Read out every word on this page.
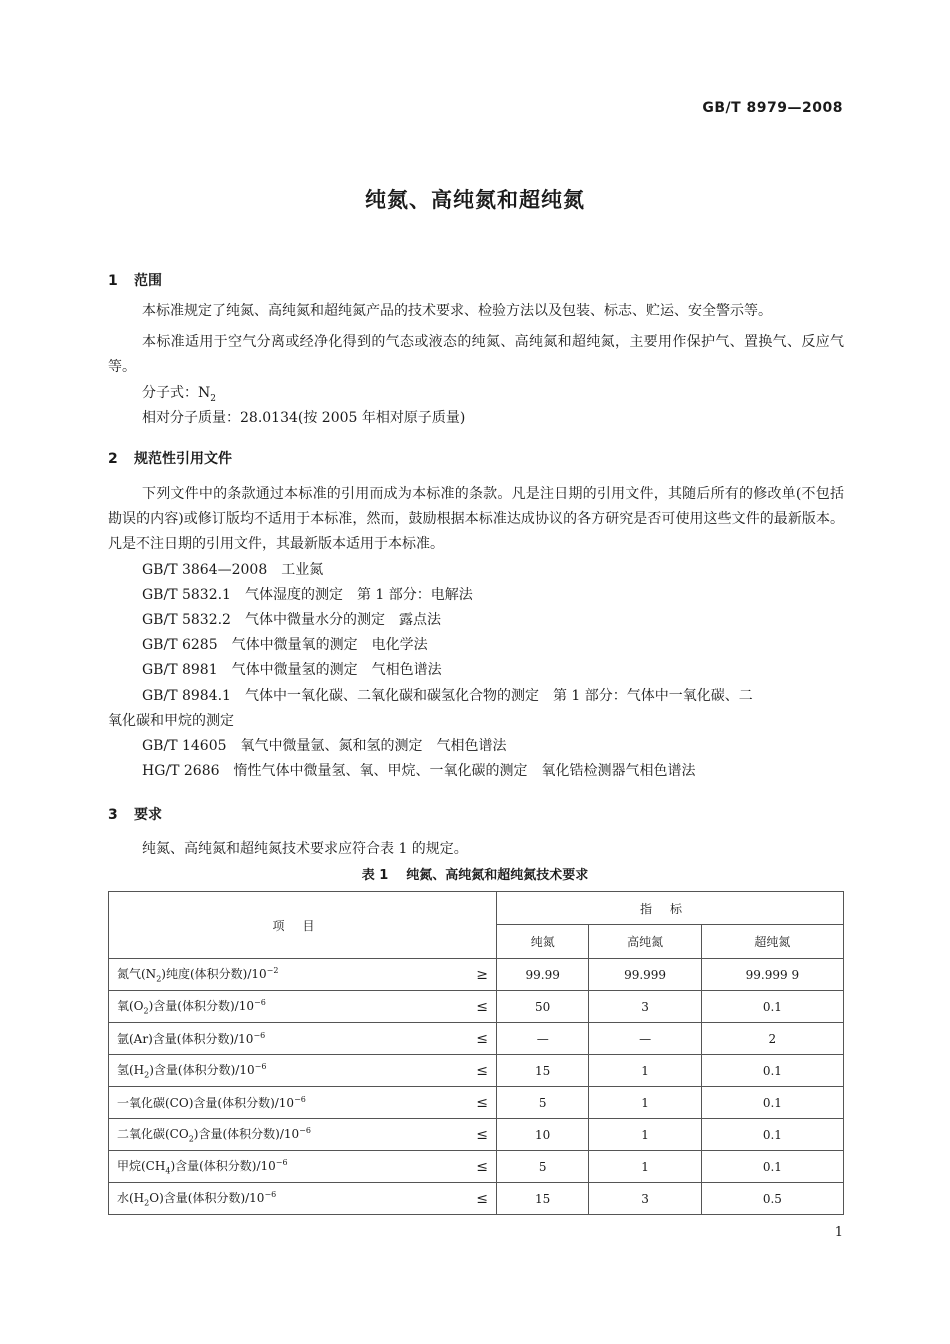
GB/T 8979—2008
纯氮、高纯氮和超纯氮
1 范围
本标准规定了纯氮、高纯氮和超纯氮产品的技术要求、检验方法以及包装、标志、贮运、安全警示等。
本标准适用于空气分离或经净化得到的气态或液态的纯氮、高纯氮和超纯氮，主要用作保护气、置换气、反应气等。
分子式：$N_2$
相对分子质量：28.0134(按 2005 年相对原子质量)
2 规范性引用文件
下列文件中的条款通过本标准的引用而成为本标准的条款。凡是注日期的引用文件，其随后所有的修改单(不包括勘误的内容)或修订版均不适用于本标准，然而，鼓励根据本标准达成协议的各方研究是否可使用这些文件的最新版本。凡是不注日期的引用文件，其最新版本适用于本标准。
GB/T 3864—2008　工业氮
GB/T 5832.1　气体湿度的测定　第 1 部分：电解法
GB/T 5832.2　气体中微量水分的测定　露点法
GB/T 6285　气体中微量氧的测定　电化学法
GB/T 8981　气体中微量氢的测定　气相色谱法
GB/T 8984.1　气体中一氧化碳、二氧化碳和碳氢化合物的测定　第 1 部分：气体中一氧化碳、二
氧化碳和甲烷的测定
GB/T 14605　氧气中微量氩、氮和氢的测定　气相色谱法
HG/T 2686　惰性气体中微量氢、氧、甲烷、一氧化碳的测定　氧化锆检测器气相色谱法
3 要求
纯氮、高纯氮和超纯氮技术要求应符合表 1 的规定。
表 1 纯氮、高纯氮和超纯氮技术要求
项目	指标		
	纯氮	高纯氮	超纯氮
氮气$(N_2)$纯度(体积分数)$/10^{-2}$ ≥	99.99	99.999	99.999 9
氧$(O_2)$含量(体积分数)$/10^{-6}$ ≤	50	3	0.1
氩(Ar)含量(体积分数)$/10^{-6}$ ≤	—	—	2
氢$(H_2)$含量(体积分数)$/10^{-6}$ ≤	15	1	0.1
一氧化碳(CO)含量(体积分数)$/10^{-6}$ ≤	5	1	0.1
二氧化碳$(CO_2)$含量(体积分数)$/10^{-6}$ ≤	10	1	0.1
甲烷$(CH_4)$含量(体积分数)$/10^{-6}$ ≤	5	1	0.1
水$(H_2O)$含量(体积分数)$/10^{-6}$ ≤	15	3	0.5
1
